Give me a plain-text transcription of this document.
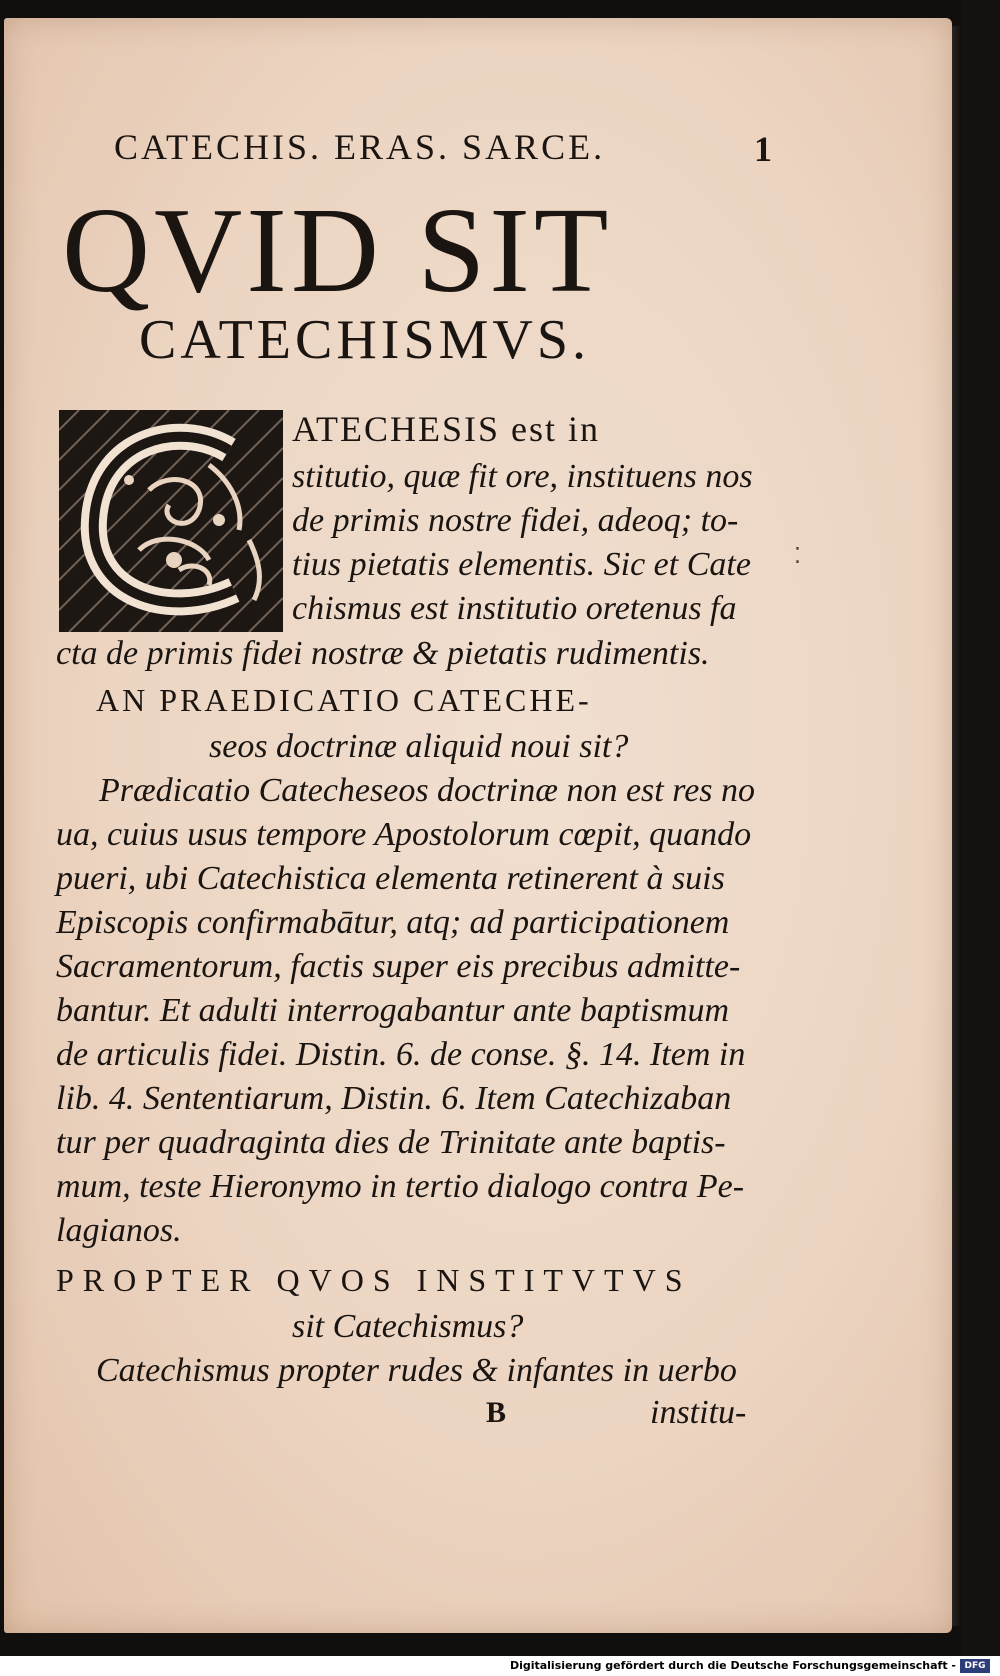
CATECHIS. ERAS. SARCE.	1
QVID SIT
CATECHISMVS.
ATECHESIS est in
stitutio, quæ fit ore, instituens nos
de primis nostre fidei, adeoq; to-
tius pietatis elementis. Sic et Cate
chismus est institutio oretenus fa
cta de primis fidei nostræ & pietatis rudimentis.
AN PRAEDICATIO CATECHE-
seos doctrinæ aliquid noui sit?
Prædicatio Catecheseos doctrinæ non est res no
ua, cuius usus tempore Apostolorum cœpit, quando
pueri, ubi Catechistica elementa retinerent à suis
Episcopis confirmabātur, atq; ad participationem
Sacramentorum, factis super eis precibus admitte-
bantur. Et adulti interrogabantur ante baptismum
de articulis fidei. Distin. 6. de conse. §. 14. Item in
lib. 4. Sententiarum, Distin. 6. Item Catechizaban
tur per quadraginta dies de Trinitate ante baptis-
mum, teste Hieronymo in tertio dialogo contra Pe-
lagianos.
PROPTER QVOS INSTITVTVS
sit Catechismus?
Catechismus propter rudes & infantes in uerbo
B	institu-
⁚
Digitalisierung gefördert durch die Deutsche Forschungsgemeinschaft - DFG
